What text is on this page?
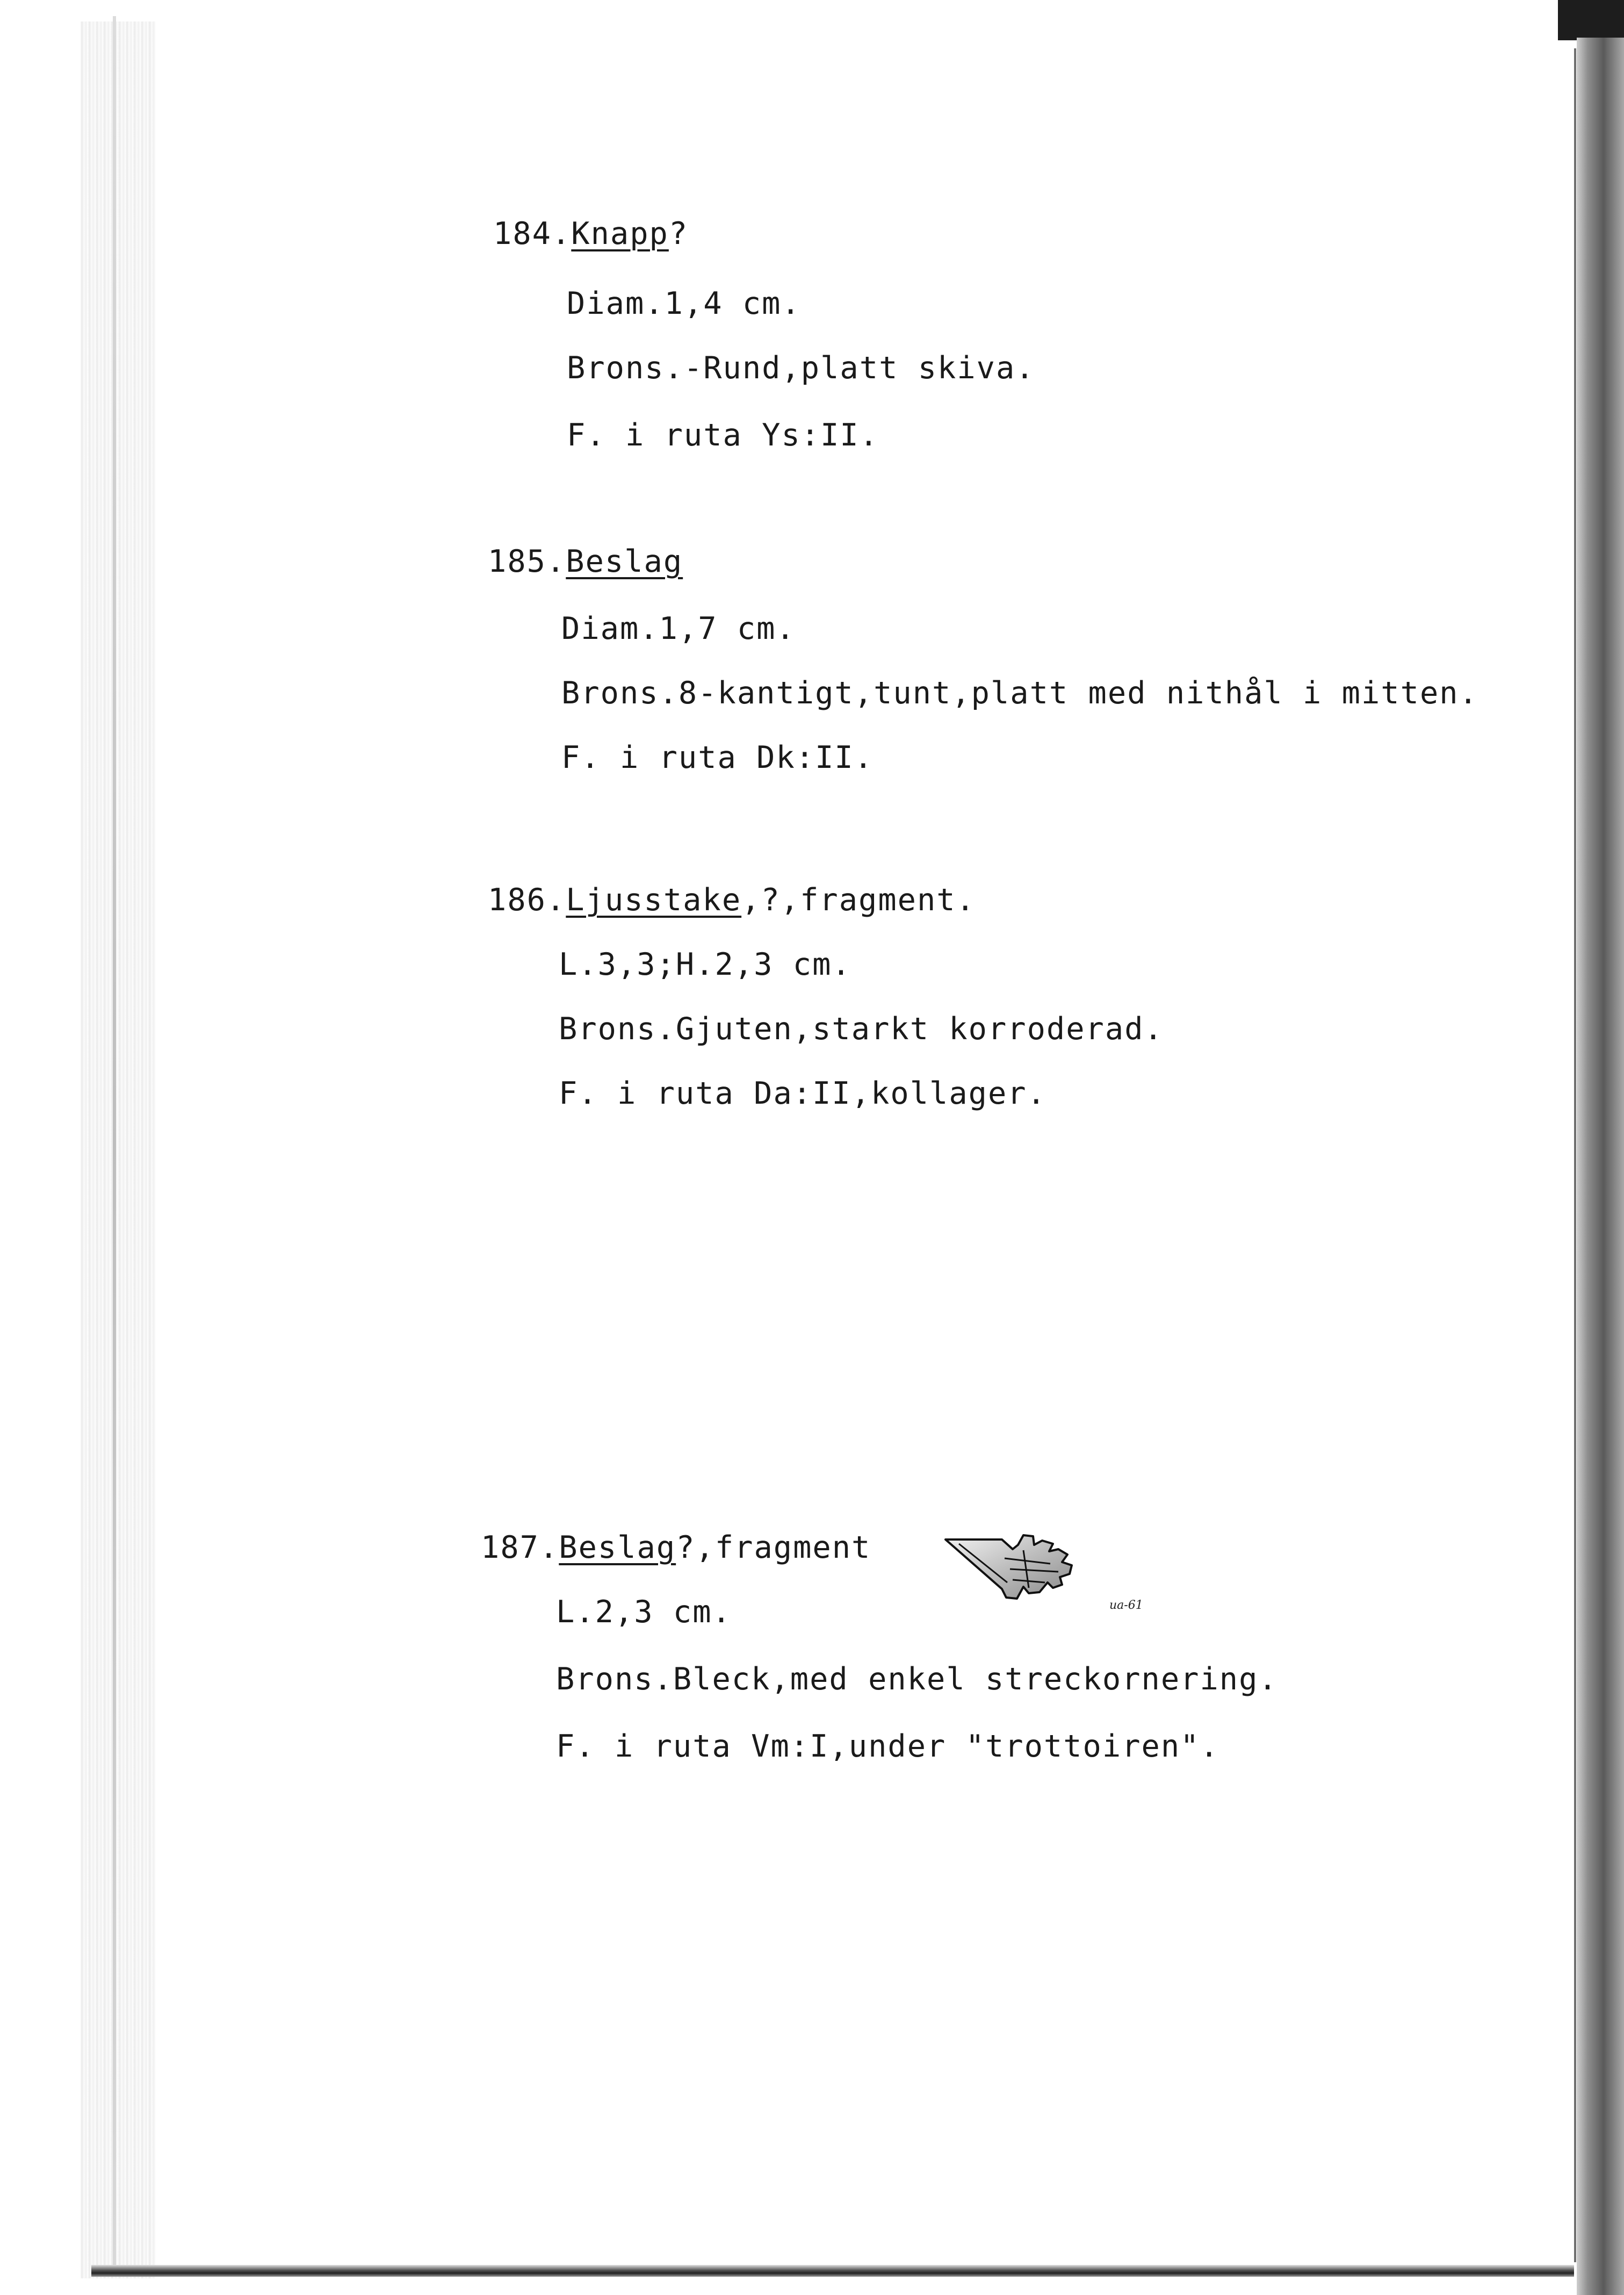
184.Knapp?
Diam.1,4 cm.
Brons.-Rund,platt skiva.
F. i ruta Ys:II.
185.Beslag
Diam.1,7 cm.
Brons.8-kantigt,tunt,platt med nithål i mitten.
F. i ruta Dk:II.
186.Ljusstake,?,fragment.
L.3,3;H.2,3 cm.
Brons.Gjuten,starkt korroderad.
F. i ruta Da:II,kollager.
187.Beslag?,fragment
L.2,3 cm.
Brons.Bleck,med enkel streckornering.
F. i ruta Vm:I,under "trottoiren".
ua-61
